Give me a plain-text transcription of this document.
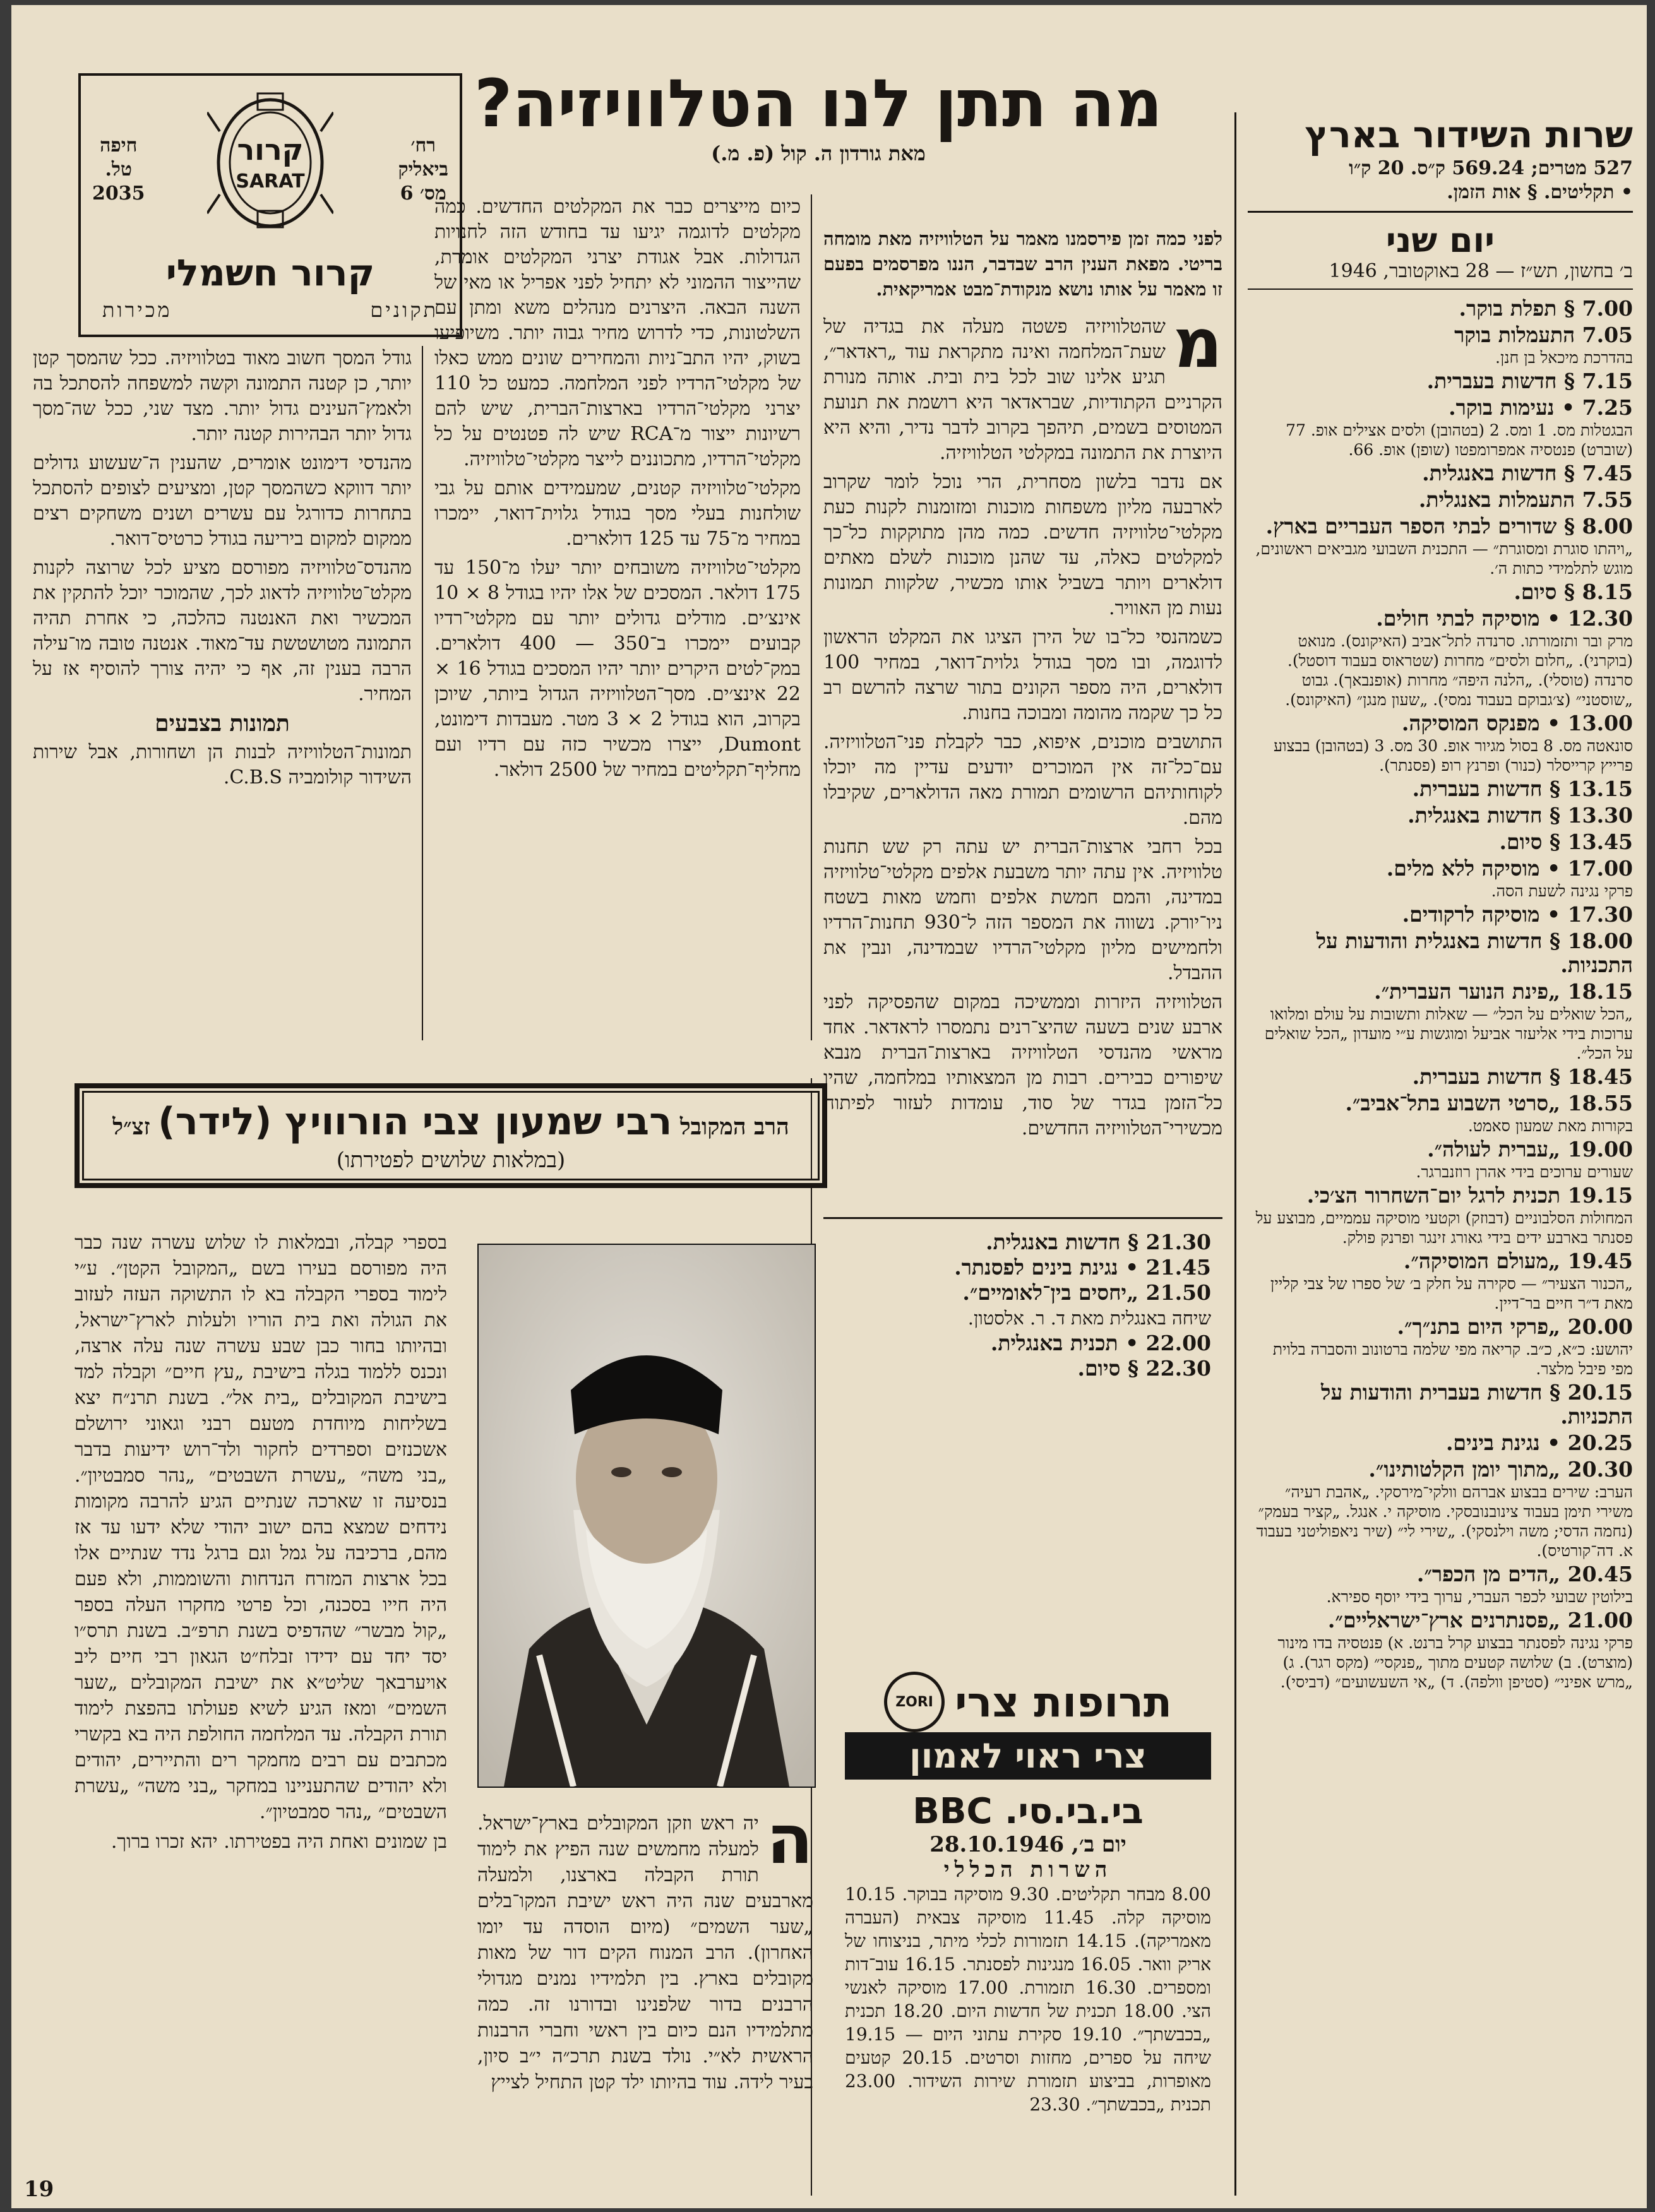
שרות השידור בארץ
527 מטרים; 569.24 ק״ס. 20 ק״ו
• תקליטים. § אות הזמן.
יום שני
ב׳ בחשון, תש״ז — 28 באוקטובר, 1946
7.00 § תפלת בוקר.
7.05 התעמלות בוקר
בהדרכת מיכאל בן חנן.
7.15 § חדשות בעברית.
7.25 • נעימות בוקר.
הבגטלות מס. 1 ומס. 2 (בטהובן) ולסים אצילים אופ. 77 (שוברט) פנטסיה אמפרומפטו (שופן) אופ. 66.
7.45 § חדשות באנגלית.
7.55 התעמלות באנגלית.
8.00 § שדורים לבתי הספר העבריים בארץ.
„ויהתו סוגרת ומסוגרת״ — התכנית השבועי מגביאים ראשונים, מוגש לתלמידי כתות ה׳.
8.15 § סיום.
12.30 • מוסיקה לבתי חולים.
מרק ובר ותזמורתו. סרנדה לתל־אביב (האיקונס). מנואט (בוקרני). „חלום ולסים״ מחרות (שטראוס בעבוד דוסטל). סרנדה (טוסלי). „הלנה היפה״ מחרות (אופנבאך). גבוט „שוסטני״ (צ׳גבוקם בעבוד נמסי). „שעון מנגן״ (האיקונס).
13.00 • מפנקס המוסיקה.
סונאטה מס. 8 בסול מגיור אופ. 30 מס. 3 (בטהובן) בבצוע פרייץ קרייסלר (כנור) ופרנץ רופ (פסנתר).
13.15 § חדשות בעברית.
13.30 § חדשות באנגלית.
13.45 § סיום.
17.00 • מוסיקה ללא מלים.
פרקי נגינה לשעת הסה.
17.30 • מוסיקה לרקודים.
18.00 § חדשות באנגלית והודעות על התכניות.
18.15 „פינת הנוער העברית״.
„הכל שואלים על הכל״ — שאלות ותשובות על עולם ומלואו ערוכות בידי אליעזר אביעל ומוגשות ע״י מועדון „הכל שואלים על הכל״.
18.45 § חדשות בעברית.
18.55 „סרטי השבוע בתל־אביב״.
בקורות מאת שמעון סאמט.
19.00 „עברית לעולה״.
שעורים ערוכים בידי אהרן רוזנברגר.
19.15 תכנית לרגל יום־השחרור הצ׳כי.
המחולות הסלבוניים (דבוזק) וקטעי מוסיקה עממיים, מבוצע על פסנתר בארבע ידים בידי גאורג זינגר ופרנק פולק.
19.45 „מעולם המוסיקה״.
„הכנור הצעיר״ — סקירה על חלק ב׳ של ספרו של צבי קליין מאת ד״ר חיים בר־דיין.
20.00 „פרקי היום בתנ״ך״.
יהושע: כ״א, כ״ב. קריאה מפי שלמה ברטונוב והסברה בלוית מפי פיבל מלצר.
20.15 § חדשות בעברית והודעות על התכניות.
20.25 • נגינת בינים.
20.30 „מתוך יומן הקלטותינו״.
הערב: שירים בבצוע אברהם וולקי־מירסקי. „אהבת רעיה״ משירי תימן בעבוד צינובנובסקי. מוסיקה י. אנגל. „קציר בעמק״ (נחמה הדסי; משה וילנסקי). „שירי לי״ (שיר ניאפוליטני בעבוד א. דה־קורטיס).
20.45 „הדים מן הכפר״.
בילוטין שבועי לכפר העברי, ערוך בידי יוסף ספירא.
21.00 „פסנתרנים ארץ־ישראליים״.
פרקי נגינה לפסנתר בבצוע קרל ברנט. א) פנטסיה בדו מינור (מוצרט). ב) שלושה קטעים מתוך „פנקסי״ (מקס רגר). ג) „מרש אפיני״ (סטיפן וולפה). ד) „אי השעשועים״ (דביסי).
מה תתן לנו הטלוויזיה?
מאת גורדון ה. קול (פ. מ.)
רח׳
ביאליק
מס׳ 6
חיפה
טל.
2035
קרור
SARAT
קרור חשמלי
תקונים
מכירות

לפני כמה זמן פירסמנו מאמר על הטלוויזיה מאת מומחה בריטי. מפאת הענין הרב שבדבר, הננו מפרסמים בפעם זו מאמר על אותו נושא מנקודת־מבט אמריקאית.

מ

שהטלוויזיה פשטה מעלה את בגדיה של שעת־המלחמה ואינה מתקראת עוד „ראדאר״, תגיע אלינו שוב לכל בית ובית. אותה מנורת הקרניים הקתודיות, שבראדאר היא רושמת את תנועת המטוסים בשמים, תיהפך בקרוב לדבר נדיר, והיא היא היוצרת את התמונה במקלטי הטלוויזיה.

אם נדבר בלשון מסחרית, הרי נוכל לומר שקרוב לארבעה מליון משפחות מוכנות ומזומנות לקנות כעת מקלטי־טלוויזיה חדשים. כמה מהן מתוקקות כל־כך למקלטים כאלה, עד שהנן מוכנות לשלם מאתים דולארים ויותר בשביל אותו מכשיר, שלקוות תמונות נעות מן האוויר.

כשמהנסי כל־בו של הירן הציגו את המקלט הראשון לדוגמה, ובו מסך בגודל גלוית־דואר, במחיר 100 דולארים, היה מספר הקונים בתור שרצה להרשם רב כל כך שקמה מהומה ומבוכה בחנות.

התושבים מוכנים, איפוא, כבר לקבלת פני־הטלוויזיה. עם־כל־זה אין המוכרים יודעים עדיין מה יוכלו לקוחותיהם הרשומים תמורת מאה הדולארים, שקיבלו מהם.

בכל רחבי ארצות־הברית יש עתה רק שש תחנות טלוויזיה. אין עתה יותר משבעת אלפים מקלטי־טלוויזיה במדינה, והמם חמשת אלפים וחמש מאות בשטח ניו־יורק. נשווה את המספר הזה ל־930 תחנות־הרדיו ולחמישים מליון מקלטי־הרדיו שבמדינה, ונבין את ההבדל.

הטלוויזיה היזרות וממשיכה במקום שהפסיקה לפני ארבע שנים בשעה שהיצ־רנים נתמסרו לראדאר. אחד מראשי מהנדסי הטלוויזיה בארצות־הברית מנבא שיפורים כבירים. רבות מן המצאותיו במלחמה, שהיו כל־הזמן בגדר של סוד, עומדות לעזור לפיתוח מכשירי־הטלוויזיה החדשים.

כיום מייצרים כבר את המקלטים החדשים. כמה מקלטים לדוגמה יגיעו עד בחודש הזה לחנויות הגדולות. אבל אגודת יצרני המקלטים אומרת, שהייצור ההמוני לא יתחיל לפני אפריל או מאי של השנה הבאה. היצרנים מנהלים משא ומתן עם השלטונות, כדי לדרוש מחיר גבוה יותר. משיופיעו בשוק, יהיו התב־ניות והמחירים שונים ממש כאלו של מקלטי־הרדיו לפני המלחמה. כמעט כל 110 יצרני מקלטי־הרדיו בארצות־הברית, שיש להם רשיונות ייצור מ־RCA שיש לה פטנטים על כל מקלטי־הרדיו, מתכוננים לייצר מקלטי־טלוויזיה.

מקלטי־טלוויזיה קטנים, שמעמידים אותם על גבי שולחנות בעלי מסך בגודל גלוית־דואר, יימכרו במחיר מ־75 עד 125 דולארים.

מקלטי־טלוויזיה משובחים יותר יעלו מ־150 עד 175 דולאר. המסכים של אלו יהיו בגודל 8 × 10 אינצ׳ים. מודלים גדולים יותר עם מקלטי־רדיו קבועים יימכרו ב־350 — 400 דולארים. במק־לטים היקרים יותר יהיו המסכים בגודל 16 × 22 אינצ׳ים. מסך־הטלוויזיה הגדול ביותר, שיוכן בקרוב, הוא בגודל 2 × 3 מטר. מעבדות דימונט, Dumont, ייצרו מכשיר כזה עם רדיו ועם מחליף־תקליטים במחיר של 2500 דולאר.

גודל המסך חשוב מאוד בטלוויזיה. ככל שהמסך קטן יותר, כן קטנה התמונה וקשה למשפחה להסתכל בה ולאמץ־העינים גדול יותר. מצד שני, ככל שה־מסך גדול יותר הבהירות קטנה יותר.

מהנדסי דימונט אומרים, שהענין ה־שעשוע גדולים יותר דווקא כשהמסך קטן, ומציעים לצופים להסתכל בתחרות כדורגל עם עשרים ושנים משחקים רצים ממקום למקום ביריעה בגודל כרטיס־דואר.

מהנדס־טלוויזיה מפורסם מציע לכל שרוצה לקנות מקלט־טלוויזיה לדאוג לכך, שהמוכר יוכל להתקין את המכשיר ואת האנטנה כהלכה, כי אחרת תהיה התמונה מטושטשת עד־מאוד. אנטנה טובה מו־עילה הרבה בענין זה, אף כי יהיה צורך להוסיף אז על המחיר.

תמונות בצבעים

תמונות־הטלוויזיה לבנות הן ושחורות, אבל שירות השידור קולומביה C.B.S.

21.30 § חדשות באנגלית.
21.45 • נגינת בינים לפסנתר.
21.50 „יחסים בין־לאומיים״.
שיחה באנגלית מאת ד. ר. אלסטון.
22.00 • תכנית באנגלית.
22.30 § סיום.
תרופות צרי
ZORI
צרי ראוי לאמון
בי.בי.סי. BBC
יום ב׳, 28.10.1946
השרות הכללי
8.00 מבחר תקליטים. 9.30 מוסיקה בבוקר. 10.15 מוסיקה קלה. 11.45 מוסיקה צבאית (העברה מאמריקה). 14.15 תזמורות לכלי מיתר, בניצוחו של אריק וואר. 16.05 מנגינות לפסנתר. 16.15 עוב־דות ומספרים. 16.30 תזמורת. 17.00 מוסיקה לאנשי הצי. 18.00 תכנית של חדשות היום. 18.20 תכנית „בכבשתך״. 19.10 סקירת עתוני היום — 19.15 שיחה על ספרים, מחזות וסרטים. 20.15 קטעים מאופרות, בביצוע תזמורת שירות השידור. 23.00 תכנית „בכבשתך״. 23.30
הרב המקובל רבי שמעון צבי הורוויץ (לידר) זצ״ל
(במלאות שלושים לפטירתו)

בספרי קבלה, ובמלאות לו שלוש עשרה שנה כבר היה מפורסם בעירו בשם „המקובל הקטן״. ע״י לימוד בספרי הקבלה בא לו התשוקה העזה לעזוב את הגולה ואת בית הוריו ולעלות לארץ־ישראל, ובהיותו בחור כבן שבע עשרה שנה עלה ארצה, ונכנס ללמוד בגלה בישיבת „עץ חיים״ וקבלה למד בישיבת המקובלים „בית אל״. בשנת תרנ״ח יצא בשליחות מיוחדת מטעם רבני וגאוני ירושלם אשכנזים וספרדים לחקור ולד־רוש ידיעות בדבר „בני משה״ „עשרת השבטים״ „נהר סמבטיון״. בנסיעה זו שארכה שנתיים הגיע להרבה מקומות נידחים שמצא בהם ישוב יהודי שלא ידעו עד אז מהם, ברכיבה על גמל וגם ברגל נדד שנתיים אלו בכל ארצות המזרח הנדחות והשוממות, ולא פעם היה חייו בסכנה, וכל פרטי מחקרו העלה בספר „קול מבשר״ שהדפיס בשנת תרפ״ב. בשנת תרס״ו יסד יחד עם ידידו זבלח״ט הגאון רבי חיים ליב אויערבאך שליט״א את ישיבת המקובלים „שער השמים״ ומאז הגיע לשיא פעולתו בהפצת לימוד תורת הקבלה. עד המלחמה החולפת היה בא בקשרי מכתבים עם רבים מחמקר רים והתיירים, יהודים ולא יהודים שהתעניינו במחקר „בני משה״ „עשרת השבטים״ „נהר סמבטיון״.

בן שמונים ואחת היה בפטירתו. יהא זכרו ברוך.	ה

יה ראש וזקן המקובלים בארץ־ישראל. למעלה מחמשים שנה הפיץ את לימוד תורת הקבלה בארצנו, ולמעלה מארבעים שנה היה ראש ישיבת המקו־בלים „שער השמים״ (מיום הוסדה עד יומו האחרון). הרב המנוח הקים דור של מאות מקובלים בארץ. בין תלמידיו נמנים מגדולי הרבנים בדור שלפנינו ובדורנו זה. כמה מתלמידיו הנם כיום בין ראשי וחברי הרבנות הראשית לא״י. נולד בשנת תרכ״ה י״ב סיון, בעיר לידה. עוד בהיותו ילד קטן התחיל לצייץ

19
